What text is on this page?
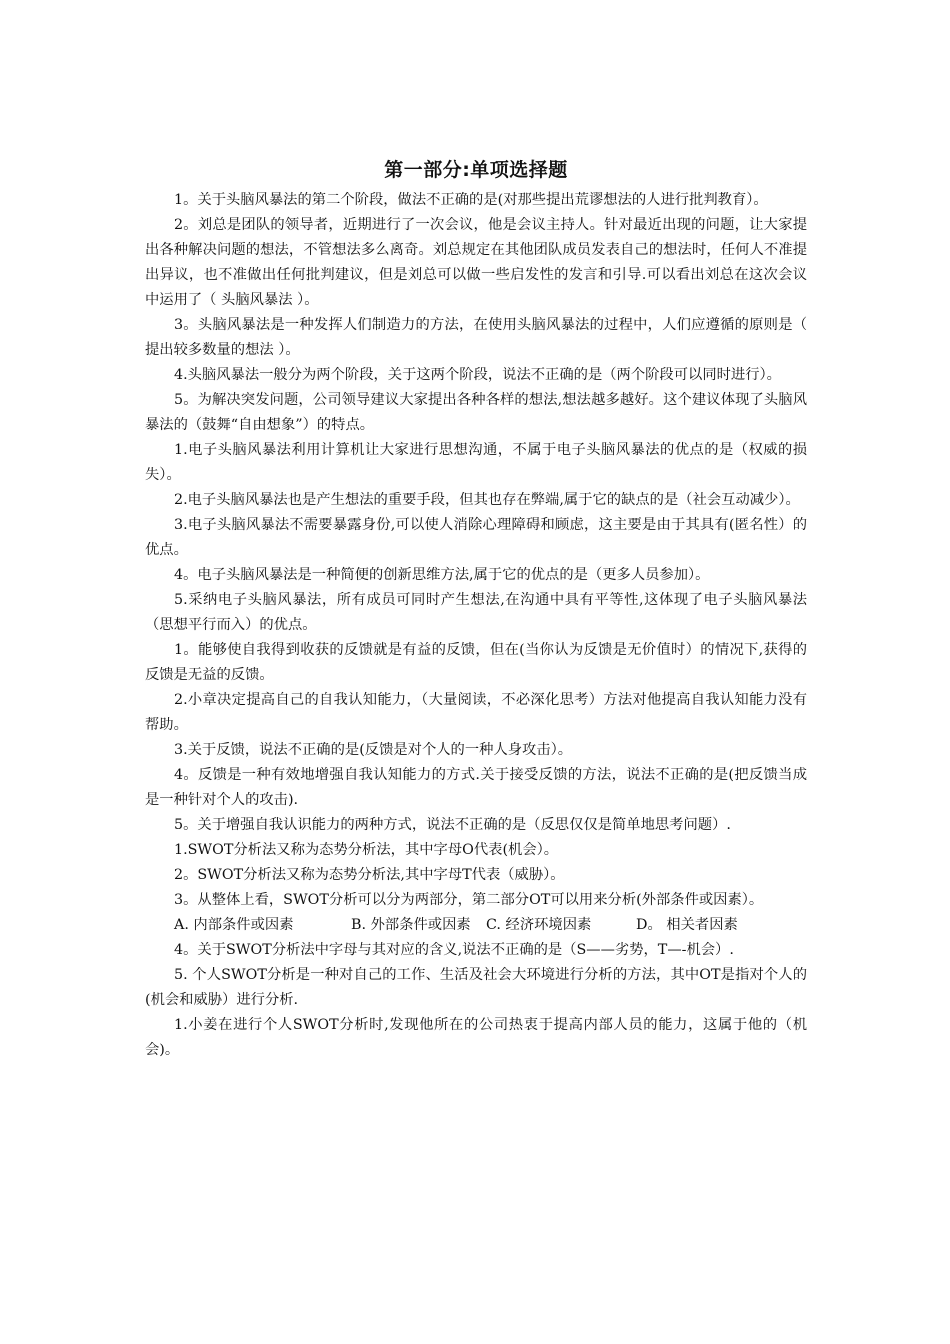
第一部分:单项选择题

1。关于头脑风暴法的第二个阶段，做法不正确的是(对那些提出荒谬想法的人进行批判教育）。

2。刘总是团队的领导者，近期进行了一次会议，他是会议主持人。针对最近出现的问题，让大家提出各种解决问题的想法，不管想法多么离奇。刘总规定在其他团队成员发表自己的想法时，任何人不准提出异议，也不准做出任何批判建议，但是刘总可以做一些启发性的发言和引导.可以看出刘总在这次会议中运用了（ 头脑风暴法 ）。

3。头脑风暴法是一种发挥人们制造力的方法，在使用头脑风暴法的过程中，人们应遵循的原则是（ 提出较多数量的想法 ）。

4.头脑风暴法一般分为两个阶段，关于这两个阶段，说法不正确的是（两个阶段可以同时进行）。

5。为解决突发问题，公司领导建议大家提出各种各样的想法,想法越多越好。这个建议体现了头脑风暴法的（鼓舞“自由想象”）的特点。

1.电子头脑风暴法利用计算机让大家进行思想沟通，不属于电子头脑风暴法的优点的是（权威的损失）。

2.电子头脑风暴法也是产生想法的重要手段，但其也存在弊端,属于它的缺点的是（社会互动减少）。

3.电子头脑风暴法不需要暴露身份,可以使人消除心理障碍和顾虑，这主要是由于其具有(匿名性）的优点。

4。电子头脑风暴法是一种简便的创新思维方法,属于它的优点的是（更多人员参加）。

5.采纳电子头脑风暴法，所有成员可同时产生想法,在沟通中具有平等性,这体现了电子头脑风暴法（思想平行而入）的优点。

1。能够使自我得到收获的反馈就是有益的反馈，但在(当你认为反馈是无价值时）的情况下,获得的反馈是无益的反馈。

2.小章决定提高自己的自我认知能力，（大量阅读，不必深化思考）方法对他提高自我认知能力没有帮助。

3.关于反馈，说法不正确的是(反馈是对个人的一种人身攻击）。

4。反馈是一种有效地增强自我认知能力的方式.关于接受反馈的方法，说法不正确的是(把反馈当成是一种针对个人的攻击).

5。关于增强自我认识能力的两种方式，说法不正确的是（反思仅仅是简单地思考问题）.

1.SWOT分析法又称为态势分析法，其中字母O代表(机会）。

2。SWOT分析法又称为态势分析法,其中字母T代表（威胁）。

3。从整体上看，SWOT分析可以分为两部分，第二部分OT可以用来分析(外部条件或因素）。

A. 内部条件或因素	B. 外部条件或因素 C. 经济环境因素	D。 相关者因素

4。关于SWOT分析法中字母与其对应的含义,说法不正确的是（S——劣势，T—-机会）.

5. 个人SWOT分析是一种对自己的工作、生活及社会大环境进行分析的方法，其中OT是指对个人的(机会和威胁）进行分析.

1.小姜在进行个人SWOT分析时,发现他所在的公司热衷于提高内部人员的能力，这属于他的（机会)。
